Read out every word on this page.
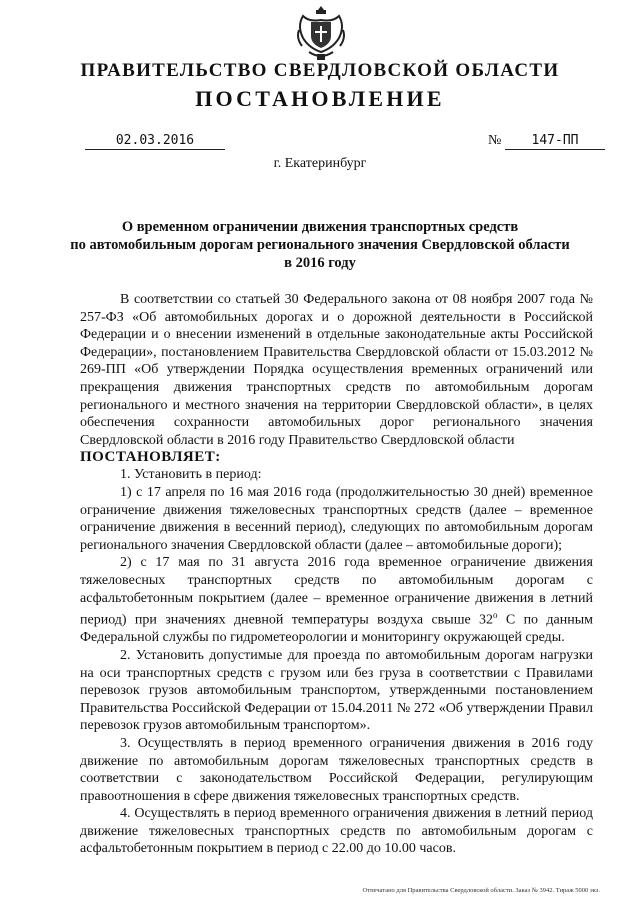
ПРАВИТЕЛЬСТВО СВЕРДЛОВСКОЙ ОБЛАСТИ
ПОСТАНОВЛЕНИЕ
02.03.2016	№	147-ПП
г. Екатеринбург
О временном ограничении движения транспортных средств
по автомобильным дорогам регионального значения Свердловской области
в 2016 году

В соответствии со статьей 30 Федерального закона от 08 ноября 2007 года № 257-ФЗ «Об автомобильных дорогах и о дорожной деятельности в Российской Федерации и о внесении изменений в отдельные законодательные акты Российской Федерации», постановлением Правительства Свердловской области от 15.03.2012 № 269-ПП «Об утверждении Порядка осуществления временных ограничений или прекращения движения транспортных средств по автомобильным дорогам регионального и местного значения на территории Свердловской области», в целях обеспечения сохранности автомобильных дорог регионального значения Свердловской области в 2016 году Правительство Свердловской области

ПОСТАНОВЛЯЕТ:

1. Установить в период:

1) с 17 апреля по 16 мая 2016 года (продолжительностью 30 дней) временное ограничение движения тяжеловесных транспортных средств (далее – временное ограничение движения в весенний период), следующих по автомобильным дорогам регионального значения Свердловской области (далее – автомобильные дороги);

2) с 17 мая по 31 августа 2016 года временное ограничение движения тяжеловесных транспортных средств по автомобильным дорогам с асфальтобетонным покрытием (далее – временное ограничение движения в летний период) при значениях дневной температуры воздуха свыше 32$^o$ С по данным Федеральной службы по гидрометеорологии и мониторингу окружающей среды.

2. Установить допустимые для проезда по автомобильным дорогам нагрузки на оси транспортных средств с грузом или без груза в соответствии с Правилами перевозок грузов автомобильным транспортом, утвержденными постановлением Правительства Российской Федерации от 15.04.2011 № 272 «Об утверждении Правил перевозок грузов автомобильным транспортом».

3. Осуществлять в период временного ограничения движения в 2016 году движение по автомобильным дорогам тяжеловесных транспортных средств в соответствии с законодательством Российской Федерации, регулирующим правоотношения в сфере движения тяжеловесных транспортных средств.

4. Осуществлять в период временного ограничения движения в летний период движение тяжеловесных транспортных средств по автомобильным дорогам с асфальтобетонным покрытием в период с 22.00 до 10.00 часов.

Отпечатано для Правительства Свердловской области. Заказ № 3942. Тираж 5000 экз.
